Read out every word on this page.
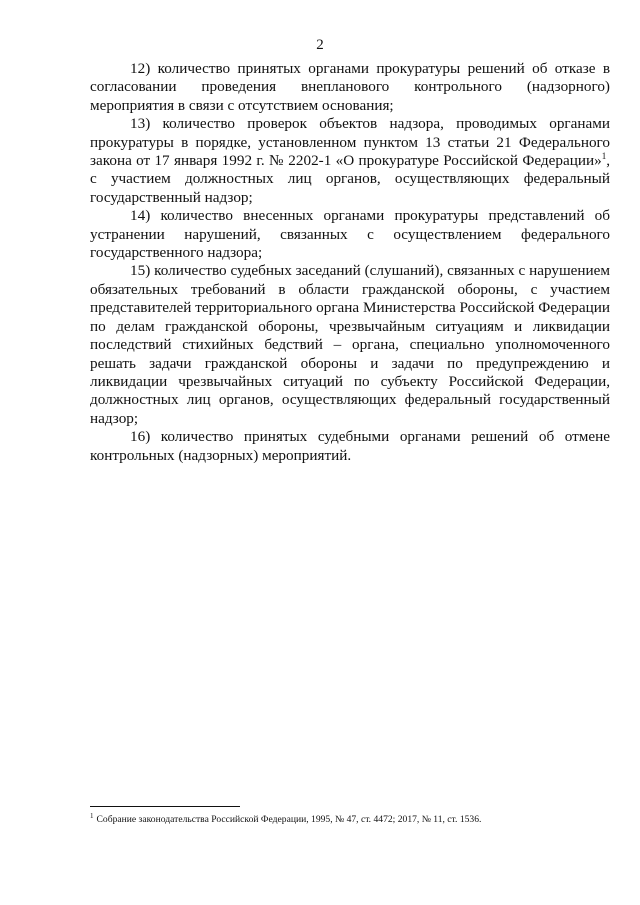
2

12) количество принятых органами прокуратуры решений об отказе в согласовании проведения внепланового контрольного (надзорного) мероприятия в связи с отсутствием основания;

13) количество проверок объектов надзора, проводимых органами прокуратуры в порядке, установленном пунктом 13 статьи 21 Федерального закона от 17 января 1992 г. № 2202-1 «О прокуратуре Российской Федерации»$^1$, с участием должностных лиц органов, осуществляющих федеральный государственный надзор;

14) количество внесенных органами прокуратуры представлений об устранении нарушений, связанных с осуществлением федерального государственного надзора;

15) количество судебных заседаний (слушаний), связанных с нарушением обязательных требований в области гражданской обороны, с участием представителей территориального органа Министерства Российской Федерации по делам гражданской обороны, чрезвычайным ситуациям и ликвидации последствий стихийных бедствий – органа, специально уполномоченного решать задачи гражданской обороны и задачи по предупреждению и ликвидации чрезвычайных ситуаций по субъекту Российской Федерации, должностных лиц органов, осуществляющих федеральный государственный надзор;

16) количество принятых судебными органами решений об отмене контрольных (надзорных) мероприятий.

$^1$ Собрание законодательства Российской Федерации, 1995, № 47, ст. 4472; 2017, № 11, ст. 1536.
